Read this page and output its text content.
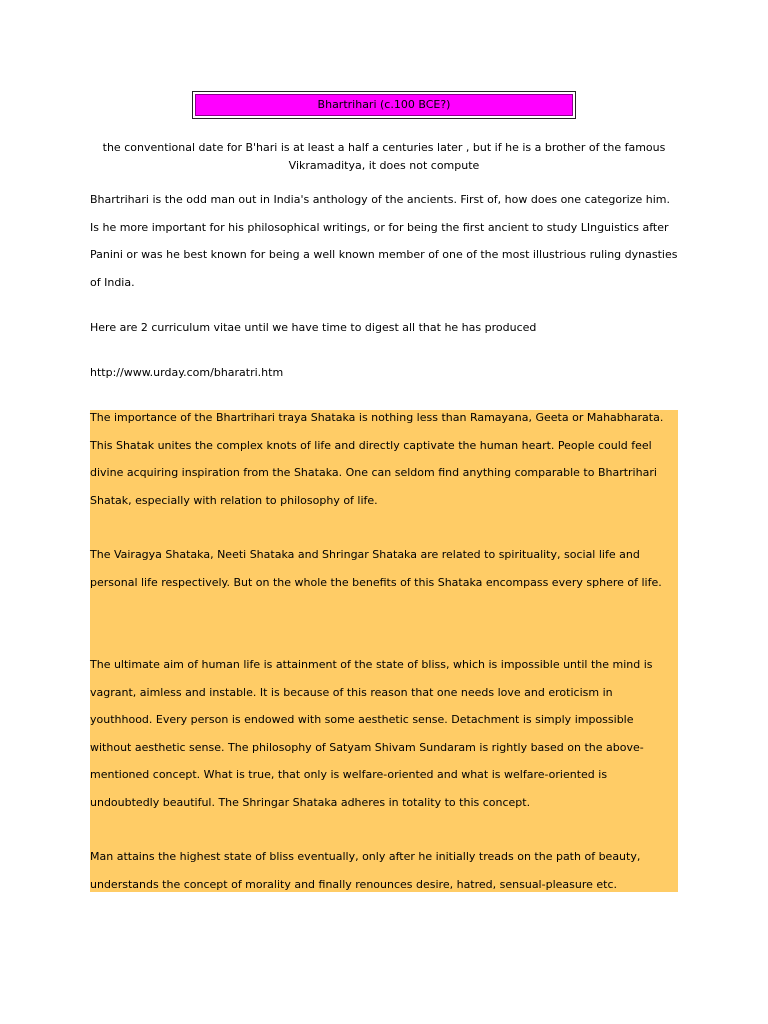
Bhartrihari (c.100 BCE?)
the conventional date for B'hari is at least a half a centuries later , but if he is a brother of the famous
Vikramaditya, it does not compute

Bhartrihari is the odd man out in India's anthology of the ancients. First of, how does one categorize him. Is he more important for his philosophical writings, or for being the first ancient to study LInguistics after Panini or was he best known for being a well known member of one of the most illustrious ruling dynasties of India.

Here are 2 curriculum vitae until we have time to digest all that he has produced

http://www.urday.com/bharatri.htm

The importance of the Bhartrihari traya Shataka is nothing less than Ramayana, Geeta or Mahabharata. This Shatak unites the complex knots of life and directly captivate the human heart. People could feel divine acquiring inspiration from the Shataka. One can seldom find anything comparable to Bhartrihari Shatak, especially with relation to philosophy of life.

The Vairagya Shataka, Neeti Shataka and Shringar Shataka are related to spirituality, social life and personal life respectively. But on the whole the benefits of this Shataka encompass every sphere of life.

The ultimate aim of human life is attainment of the state of bliss, which is impossible until the mind is vagrant, aimless and instable. It is because of this reason that one needs love and eroticism in youthhood. Every person is endowed with some aesthetic sense. Detachment is simply impossible without aesthetic sense. The philosophy of Satyam Shivam Sundaram is rightly based on the above-mentioned concept. What is true, that only is welfare-oriented and what is welfare-oriented is undoubtedly beautiful. The Shringar Shataka adheres in totality to this concept.

Man attains the highest state of bliss eventually, only after he initially treads on the path of beauty, understands the concept of morality and finally renounces desire, hatred, sensual-pleasure etc.
